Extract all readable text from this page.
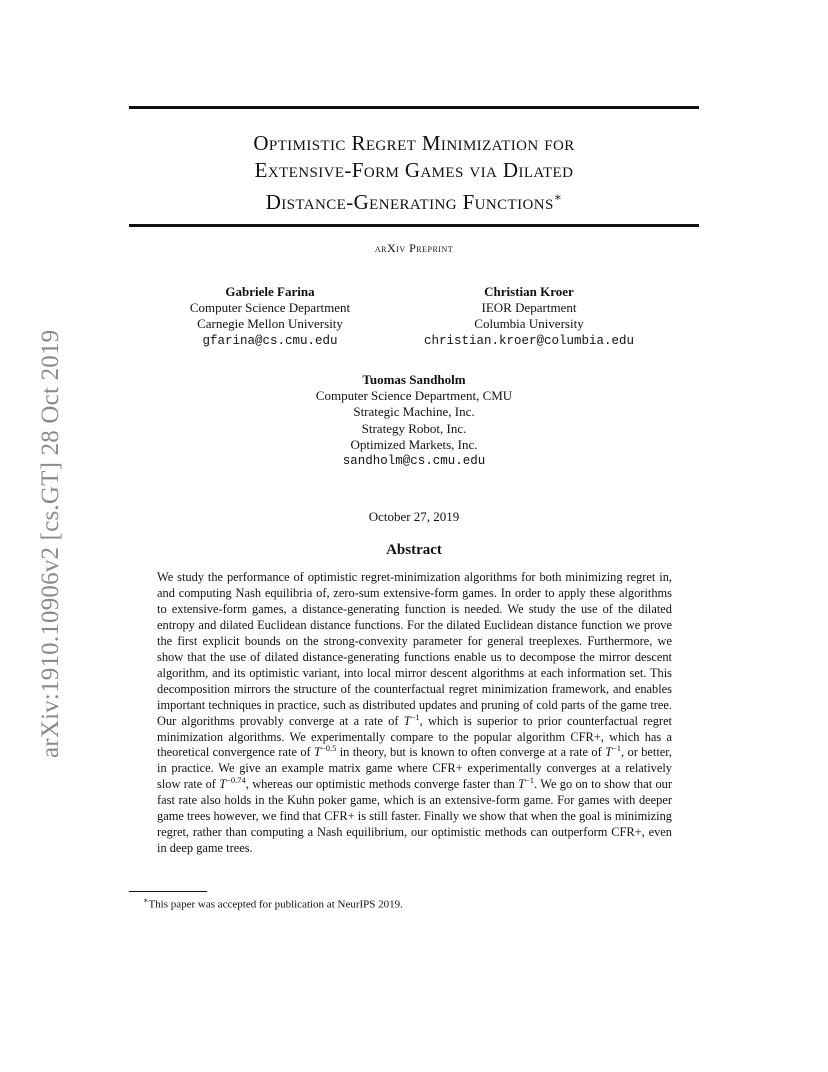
arXiv:1910.10906v2 [cs.GT] 28 Oct 2019
Optimistic Regret Minimization for
Extensive-Form Games via Dilated
Distance-Generating Functions∗
arXiv Preprint
Gabriele Farina
Computer Science Department
Carnegie Mellon University
gfarina@cs.cmu.edu
Christian Kroer
IEOR Department
Columbia University
christian.kroer@columbia.edu
Tuomas Sandholm
Computer Science Department, CMU
Strategic Machine, Inc.
Strategy Robot, Inc.
Optimized Markets, Inc.
sandholm@cs.cmu.edu
October 27, 2019
Abstract
We study the performance of optimistic regret-minimization algorithms for both minimizing regret in, and computing Nash equilibria of, zero-sum extensive-form games. In order to apply these algorithms to extensive-form games, a distance-generating function is needed. We study the use of the dilated entropy and dilated Euclidean distance functions. For the dilated Euclidean distance function we prove the first explicit bounds on the strong-convexity parameter for general treeplexes. Furthermore, we show that the use of dilated distance-generating functions enable us to decompose the mirror descent algorithm, and its optimistic variant, into local mirror descent algorithms at each information set. This decomposition mirrors the structure of the counterfactual regret minimization framework, and enables important techniques in practice, such as distributed updates and pruning of cold parts of the game tree. Our algorithms provably converge at a rate of $T^{-1}$, which is superior to prior counterfactual regret minimization algorithms. We experimentally compare to the popular algorithm CFR+, which has a theoretical convergence rate of $T^{-0.5}$ in theory, but is known to often converge at a rate of $T^{-1}$, or better, in practice. We give an example matrix game where CFR+ experimentally converges at a relatively slow rate of $T^{-0.74}$, whereas our optimistic methods converge faster than $T^{-1}$. We go on to show that our fast rate also holds in the Kuhn poker game, which is an extensive-form game. For games with deeper game trees however, we find that CFR+ is still faster. Finally we show that when the goal is minimizing regret, rather than computing a Nash equilibrium, our optimistic methods can outperform CFR+, even in deep game trees.
∗This paper was accepted for publication at NeurIPS 2019.
